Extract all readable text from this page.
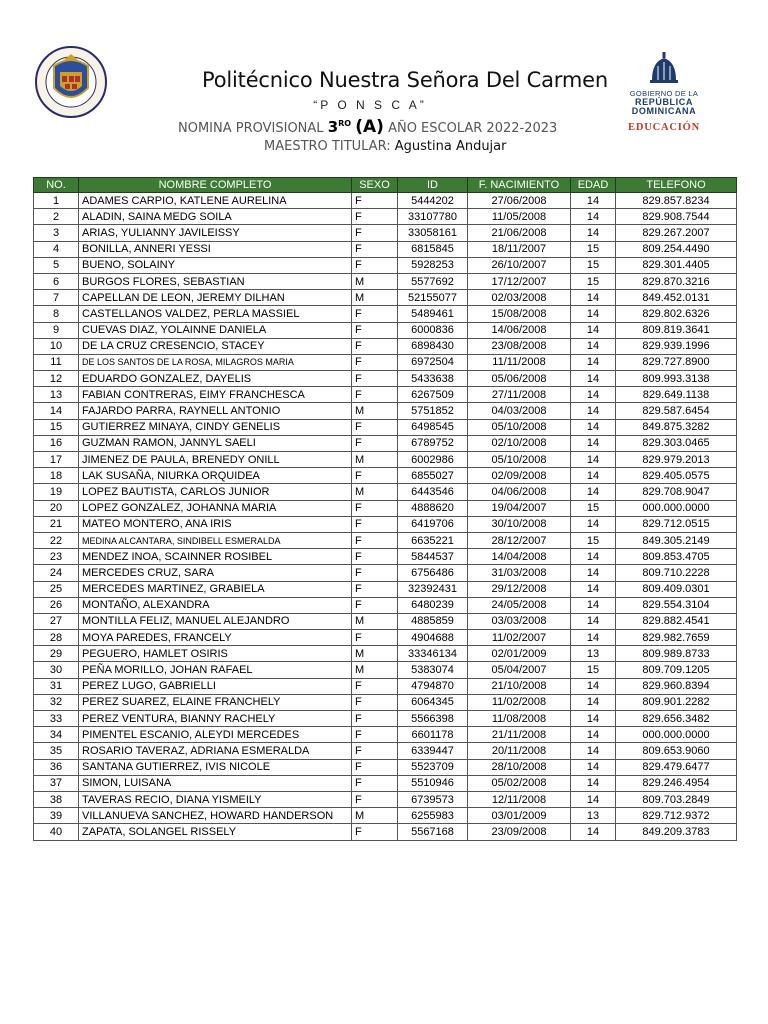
GOBIERNO DE LA
REPÚBLICA
DOMINICANA
EDUCACIÓN
Politécnico Nuestra Señora Del Carmen
“P O N S C A”
NOMINA PROVISIONAL $3^{RO}$ (A) AÑO ESCOLAR 2022-2023
MAESTRO TITULAR: Agustina Andujar
NO.	NOMBRE COMPLETO	SEXO	ID	F. NACIMIENTO	EDAD	TELEFONO
1	ADAMES CARPIO, KATLENE AURELINA	F	5444202	27/06/2008	14	829.857.8234
2	ALADIN, SAINA MEDG SOILA	F	33107780	11/05/2008	14	829.908.7544
3	ARIAS, YULIANNY JAVILEISSY	F	33058161	21/06/2008	14	829.267.2007
4	BONILLA, ANNERI YESSI	F	6815845	18/11/2007	15	809.254.4490
5	BUENO, SOLAINY	F	5928253	26/10/2007	15	829.301.4405
6	BURGOS FLORES, SEBASTIAN	M	5577692	17/12/2007	15	829.870.3216
7	CAPELLAN DE LEON, JEREMY DILHAN	M	52155077	02/03/2008	14	849.452.0131
8	CASTELLANOS VALDEZ, PERLA MASSIEL	F	5489461	15/08/2008	14	829.802.6326
9	CUEVAS DIAZ, YOLAINNE DANIELA	F	6000836	14/06/2008	14	809.819.3641
10	DE LA CRUZ CRESENCIO, STACEY	F	6898430	23/08/2008	14	829.939.1996
11	DE LOS SANTOS DE LA ROSA, MILAGROS MARIA	F	6972504	11/11/2008	14	829.727.8900
12	EDUARDO GONZALEZ, DAYELIS	F	5433638	05/06/2008	14	809.993.3138
13	FABIAN CONTRERAS, EIMY FRANCHESCA	F	6267509	27/11/2008	14	829.649.1138
14	FAJARDO PARRA, RAYNELL ANTONIO	M	5751852	04/03/2008	14	829.587.6454
15	GUTIERREZ MINAYA, CINDY GENELIS	F	6498545	05/10/2008	14	849.875.3282
16	GUZMAN RAMON, JANNYL SAELI	F	6789752	02/10/2008	14	829.303.0465
17	JIMENEZ DE PAULA, BRENEDY ONILL	M	6002986	05/10/2008	14	829.979.2013
18	LAK SUSAÑA, NIURKA ORQUIDEA	F	6855027	02/09/2008	14	829.405.0575
19	LOPEZ BAUTISTA, CARLOS JUNIOR	M	6443546	04/06/2008	14	829.708.9047
20	LOPEZ GONZALEZ, JOHANNA MARIA	F	4888620	19/04/2007	15	000.000.0000
21	MATEO MONTERO, ANA IRIS	F	6419706	30/10/2008	14	829.712.0515
22	MEDINA ALCANTARA, SINDIBELL ESMERALDA	F	6635221	28/12/2007	15	849.305.2149
23	MENDEZ INOA, SCAINNER ROSIBEL	F	5844537	14/04/2008	14	809.853.4705
24	MERCEDES CRUZ, SARA	F	6756486	31/03/2008	14	809.710.2228
25	MERCEDES MARTINEZ, GRABIELA	F	32392431	29/12/2008	14	809.409.0301
26	MONTAÑO, ALEXANDRA	F	6480239	24/05/2008	14	829.554.3104
27	MONTILLA FELIZ, MANUEL ALEJANDRO	M	4885859	03/03/2008	14	829.882.4541
28	MOYA PAREDES, FRANCELY	F	4904688	11/02/2007	14	829.982.7659
29	PEGUERO, HAMLET OSIRIS	M	33346134	02/01/2009	13	809.989.8733
30	PEÑA MORILLO, JOHAN RAFAEL	M	5383074	05/04/2007	15	809.709.1205
31	PEREZ LUGO, GABRIELLI	F	4794870	21/10/2008	14	829.960.8394
32	PEREZ SUAREZ, ELAINE FRANCHELY	F	6064345	11/02/2008	14	809.901.2282
33	PEREZ VENTURA, BIANNY RACHELY	F	5566398	11/08/2008	14	829.656.3482
34	PIMENTEL ESCANIO, ALEYDI MERCEDES	F	6601178	21/11/2008	14	000.000.0000
35	ROSARIO TAVERAZ, ADRIANA ESMERALDA	F	6339447	20/11/2008	14	809.653.9060
36	SANTANA GUTIERREZ, IVIS NICOLE	F	5523709	28/10/2008	14	829.479.6477
37	SIMON, LUISANA	F	5510946	05/02/2008	14	829.246.4954
38	TAVERAS RECIO, DIANA YISMEILY	F	6739573	12/11/2008	14	809.703.2849
39	VILLANUEVA SANCHEZ, HOWARD HANDERSON	M	6255983	03/01/2009	13	829.712.9372
40	ZAPATA, SOLANGEL RISSELY	F	5567168	23/09/2008	14	849.209.3783
